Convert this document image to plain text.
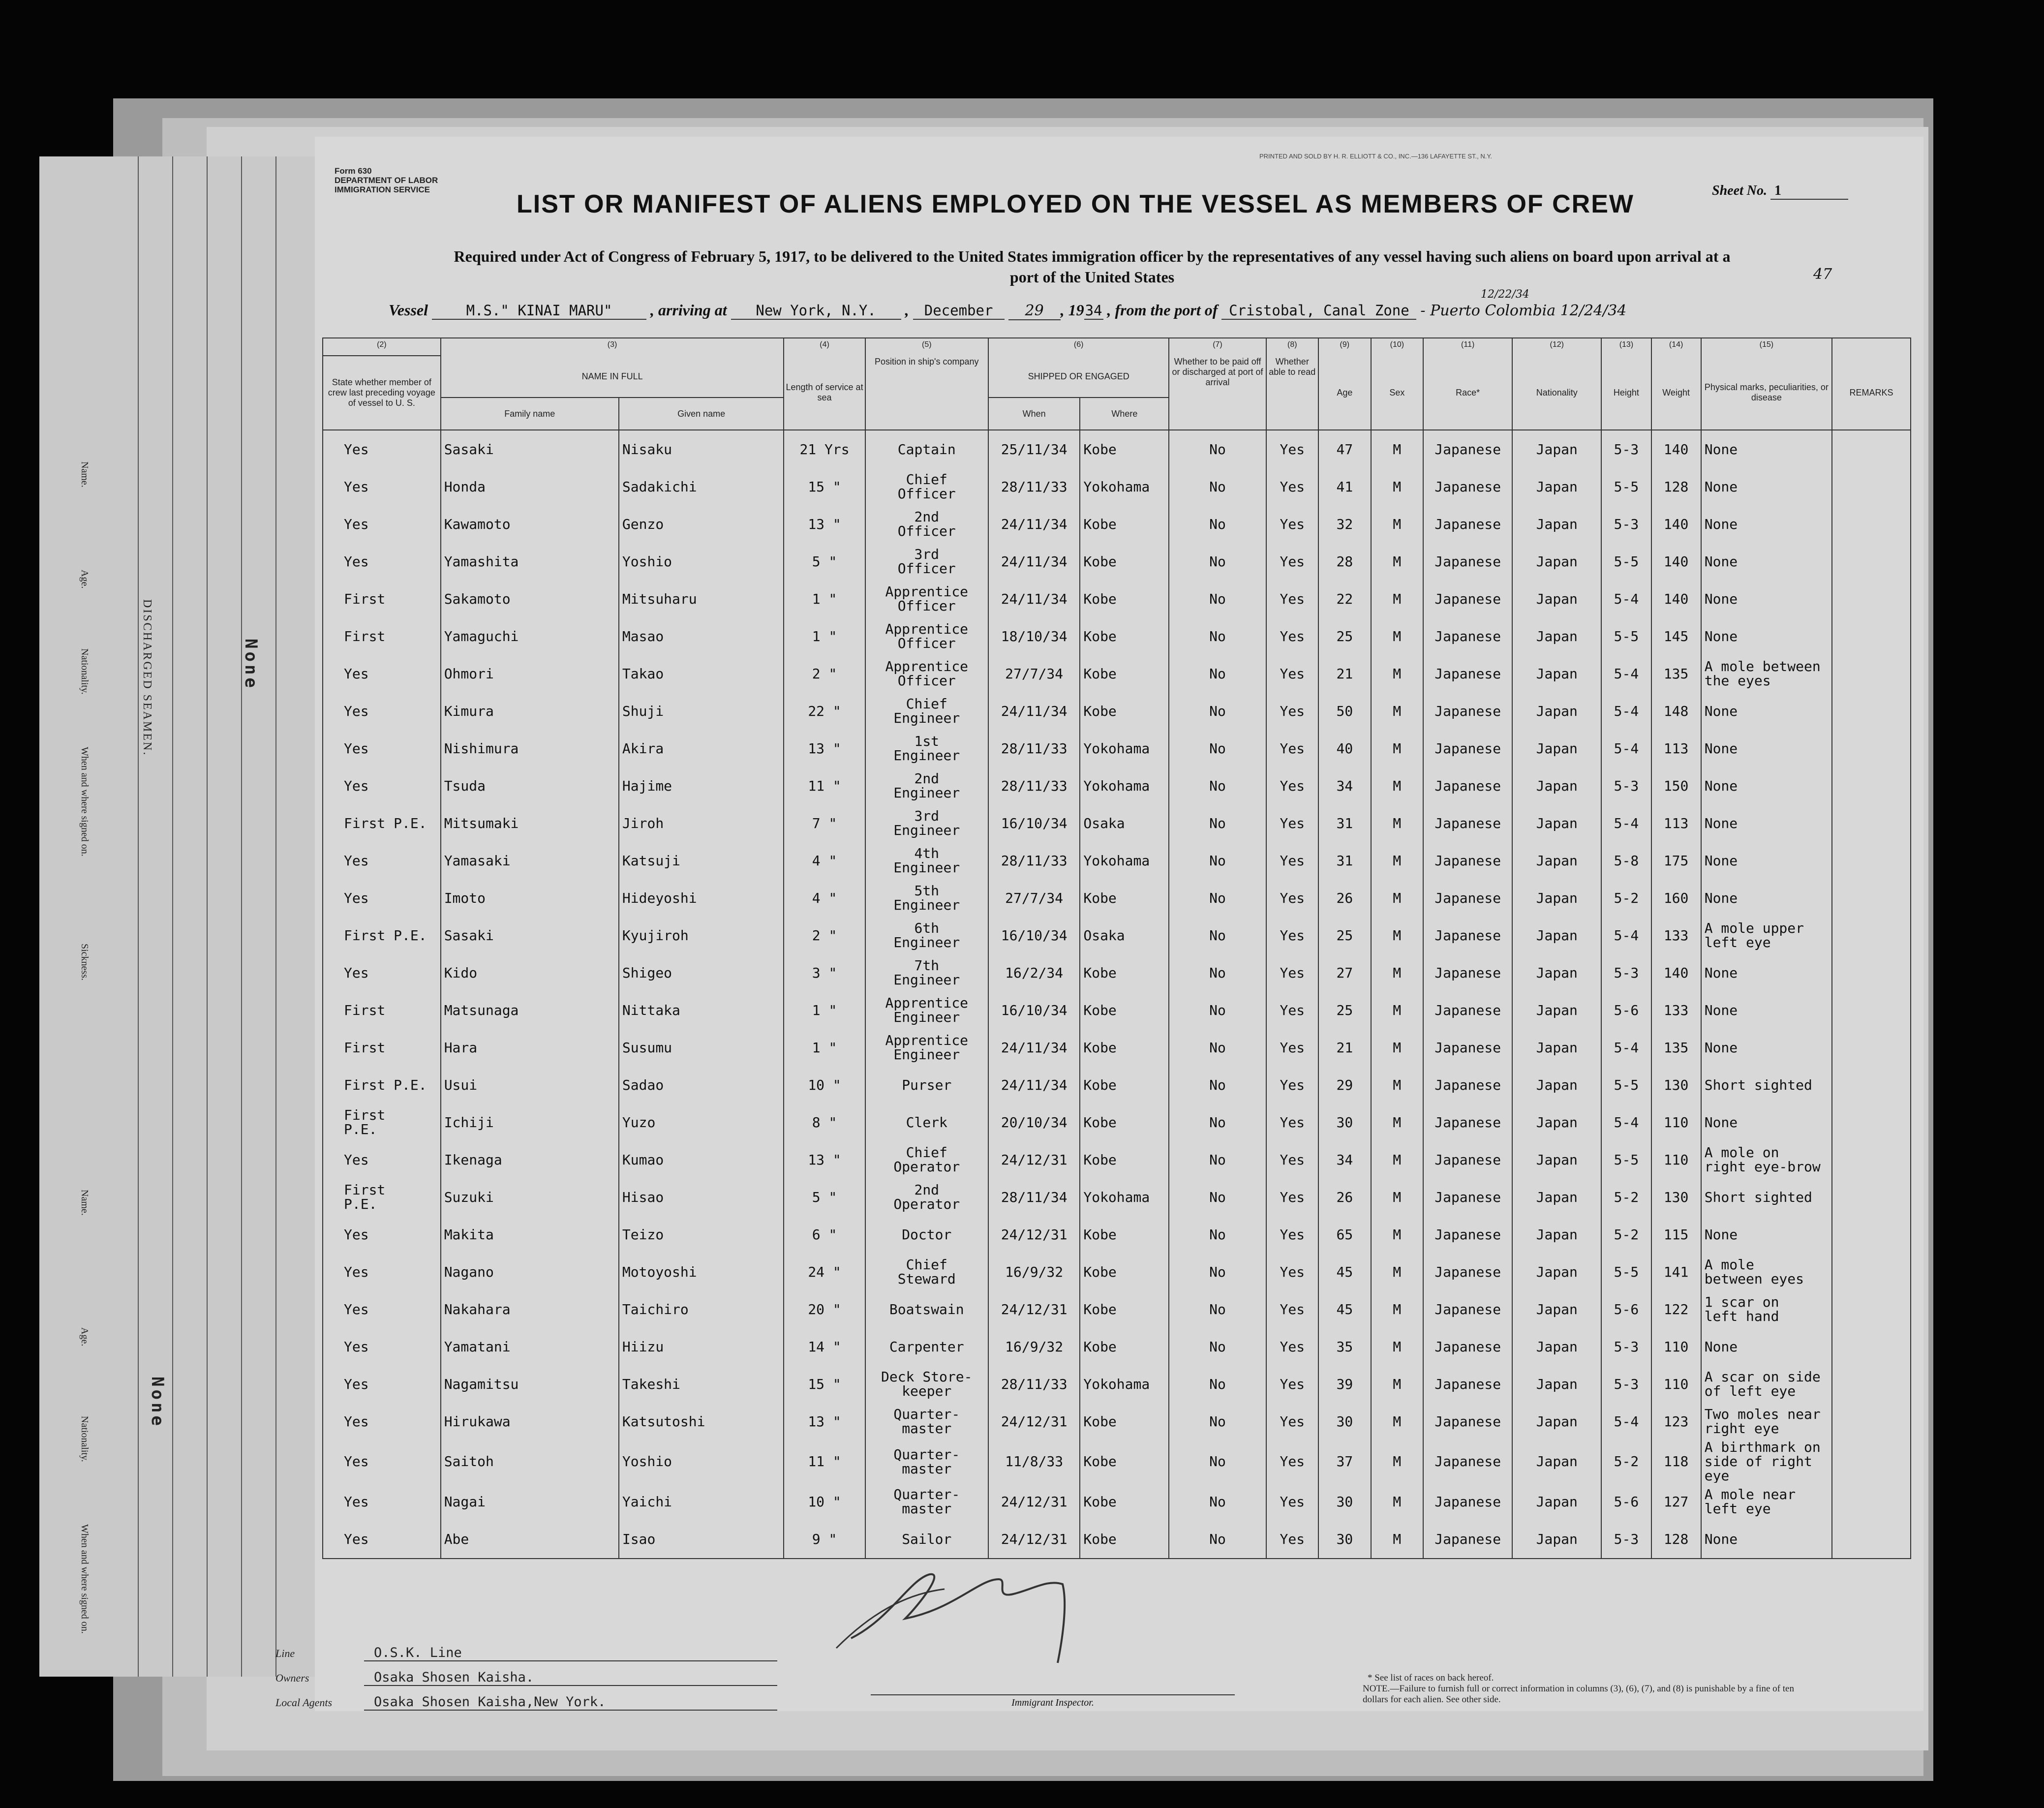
PRINTED AND SOLD BY H. R. ELLIOTT & CO., INC.—136 LAFAYETTE ST., N.Y.
DISCHARGED SEAMEN.	None
None
Name.
Age.
Nationality.
When and where signed on.
Sickness.
Name.
Age.
Nationality.
When and where signed on.
Form 630
DEPARTMENT OF LABOR
IMMIGRATION SERVICE	Sheet No. 1
LIST OR MANIFEST OF ALIENS EMPLOYED ON THE VESSEL AS MEMBERS OF CREW
Required under Act of Congress of February 5, 1917, to be delivered to the United States immigration officer by the representatives of any vessel having such aliens on board upon arrival at a
port of the United States	47
Vessel	M.S." KINAI MARU" , arriving at New York, N.Y. , December 29 , 1934 , from the port of Cristobal, Canal Zone - Puerto Colombia 12/24/34
12/22/34
(2)	(3)		(4)	(5)	(6)		(7)	(8)	(9)	(10)	(11)	(12)	(13)	(14)	(15)	
State whether member of crew last preceding voyage of vessel to U. S.	NAME IN FULL		Length of service at sea	Position in ship's company	SHIPPED OR ENGAGED		Whether to be paid off or discharged at port of arrival	Whether able to read	Age	Sex	Race*	Nationality	Height	Weight	Physical marks, peculiarities, or disease	REMARKS
	Family name	Given name			When	Where										
Yes	Sasaki	Nisaku	21 Yrs	Captain	25/11/34	Kobe	No	Yes	47	M	Japanese	Japan	5-3	140	None	
Yes	Honda	Sadakichi	15 "	Chief
Officer	28/11/33	Yokohama	No	Yes	41	M	Japanese	Japan	5-5	128	None	
Yes	Kawamoto	Genzo	13 "	2nd
Officer	24/11/34	Kobe	No	Yes	32	M	Japanese	Japan	5-3	140	None	
Yes	Yamashita	Yoshio	5 "	3rd
Officer	24/11/34	Kobe	No	Yes	28	M	Japanese	Japan	5-5	140	None	
First	Sakamoto	Mitsuharu	1 "	Apprentice
Officer	24/11/34	Kobe	No	Yes	22	M	Japanese	Japan	5-4	140	None	
First	Yamaguchi	Masao	1 "	Apprentice
Officer	18/10/34	Kobe	No	Yes	25	M	Japanese	Japan	5-5	145	None	
Yes	Ohmori	Takao	2 "	Apprentice
Officer	27/7/34	Kobe	No	Yes	21	M	Japanese	Japan	5-4	135	A mole between
the eyes	
Yes	Kimura	Shuji	22 "	Chief
Engineer	24/11/34	Kobe	No	Yes	50	M	Japanese	Japan	5-4	148	None	
Yes	Nishimura	Akira	13 "	1st
Engineer	28/11/33	Yokohama	No	Yes	40	M	Japanese	Japan	5-4	113	None	
Yes	Tsuda	Hajime	11 "	2nd
Engineer	28/11/33	Yokohama	No	Yes	34	M	Japanese	Japan	5-3	150	None	
First P.E.	Mitsumaki	Jiroh	7 "	3rd
Engineer	16/10/34	Osaka	No	Yes	31	M	Japanese	Japan	5-4	113	None	
Yes	Yamasaki	Katsuji	4 "	4th
Engineer	28/11/33	Yokohama	No	Yes	31	M	Japanese	Japan	5-8	175	None	
Yes	Imoto	Hideyoshi	4 "	5th
Engineer	27/7/34	Kobe	No	Yes	26	M	Japanese	Japan	5-2	160	None	
First P.E.	Sasaki	Kyujiroh	2 "	6th
Engineer	16/10/34	Osaka	No	Yes	25	M	Japanese	Japan	5-4	133	A mole upper
left eye	
Yes	Kido	Shigeo	3 "	7th
Engineer	16/2/34	Kobe	No	Yes	27	M	Japanese	Japan	5-3	140	None	
First	Matsunaga	Nittaka	1 "	Apprentice
Engineer	16/10/34	Kobe	No	Yes	25	M	Japanese	Japan	5-6	133	None	
First	Hara	Susumu	1 "	Apprentice
Engineer	24/11/34	Kobe	No	Yes	21	M	Japanese	Japan	5-4	135	None	
First P.E.	Usui	Sadao	10 "	Purser	24/11/34	Kobe	No	Yes	29	M	Japanese	Japan	5-5	130	Short sighted	
First
P.E.	Ichiji	Yuzo	8 "	Clerk	20/10/34	Kobe	No	Yes	30	M	Japanese	Japan	5-4	110	None	
Yes	Ikenaga	Kumao	13 "	Chief
Operator	24/12/31	Kobe	No	Yes	34	M	Japanese	Japan	5-5	110	A mole on
right eye-brow	
First
P.E.	Suzuki	Hisao	5 "	2nd
Operator	28/11/34	Yokohama	No	Yes	26	M	Japanese	Japan	5-2	130	Short sighted	
Yes	Makita	Teizo	6 "	Doctor	24/12/31	Kobe	No	Yes	65	M	Japanese	Japan	5-2	115	None	
Yes	Nagano	Motoyoshi	24 "	Chief
Steward	16/9/32	Kobe	No	Yes	45	M	Japanese	Japan	5-5	141	A mole
between eyes	
Yes	Nakahara	Taichiro	20 "	Boatswain	24/12/31	Kobe	No	Yes	45	M	Japanese	Japan	5-6	122	1 scar on
left hand	
Yes	Yamatani	Hiizu	14 "	Carpenter	16/9/32	Kobe	No	Yes	35	M	Japanese	Japan	5-3	110	None	
Yes	Nagamitsu	Takeshi	15 "	Deck Store-
keeper	28/11/33	Yokohama	No	Yes	39	M	Japanese	Japan	5-3	110	A scar on side
of left eye	
Yes	Hirukawa	Katsutoshi	13 "	Quarter-
master	24/12/31	Kobe	No	Yes	30	M	Japanese	Japan	5-4	123	Two moles near
right eye	
Yes	Saitoh	Yoshio	11 "	Quarter-
master	11/8/33	Kobe	No	Yes	37	M	Japanese	Japan	5-2	118	A birthmark on
side of right eye	
Yes	Nagai	Yaichi	10 "	Quarter-
master	24/12/31	Kobe	No	Yes	30	M	Japanese	Japan	5-6	127	A mole near
left eye	
Yes	Abe	Isao	9 "	Sailor	24/12/31	Kobe	No	Yes	30	M	Japanese	Japan	5-3	128	None	

Line	O.S.K. Line
Owners	Osaka Shosen Kaisha.
Local Agents	Osaka Shosen Kaisha,New York.	Immigrant Inspector.
* See list of races on back hereof.
NOTE.—Failure to furnish full or correct information in columns (3), (6), (7), and (8) is punishable by a fine of ten dollars for each alien. See other side.
